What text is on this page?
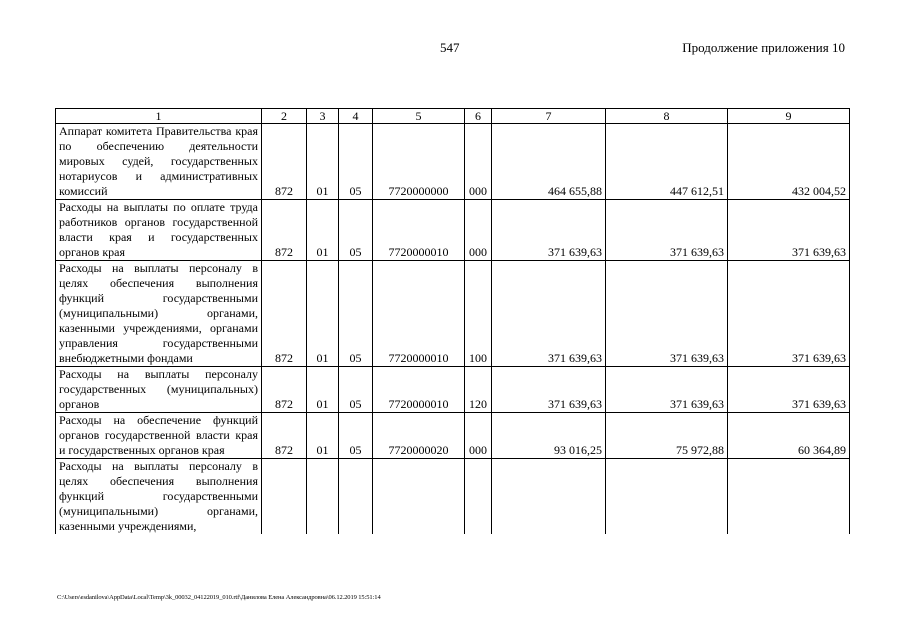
547	Продолжение приложения 10
1	2	3	4	5	6	7	8	9
Аппарат комитета Правительства края по обеспечению деятельности мировых судей, государственных нотариусов и административных комиссий	872	01	05	7720000000	000	464 655,88	447 612,51	432 004,52
Расходы на выплаты по оплате труда работников органов государственной власти края и государственных органов края	872	01	05	7720000010	000	371 639,63	371 639,63	371 639,63
Расходы на выплаты персоналу в целях обеспечения выполнения функций государственными (муниципальными) органами, казенными учреждениями, органами управления государственными внебюджетными фондами	872	01	05	7720000010	100	371 639,63	371 639,63	371 639,63
Расходы на выплаты персоналу государственных (муниципальных) органов	872	01	05	7720000010	120	371 639,63	371 639,63	371 639,63
Расходы на обеспечение функций органов государственной власти края и государственных органов края	872	01	05	7720000020	000	93 016,25	75 972,88	60 364,89
Расходы на выплаты персоналу в целях обеспечения выполнения функций государственными (муниципальными) органами, казенными учреждениями,								
C:\Users\esdanilova\AppData\Local\Temp\3k_00032_04122019_010.rtf\Данилова Елена Александровна\06.12.2019 15:51:14
